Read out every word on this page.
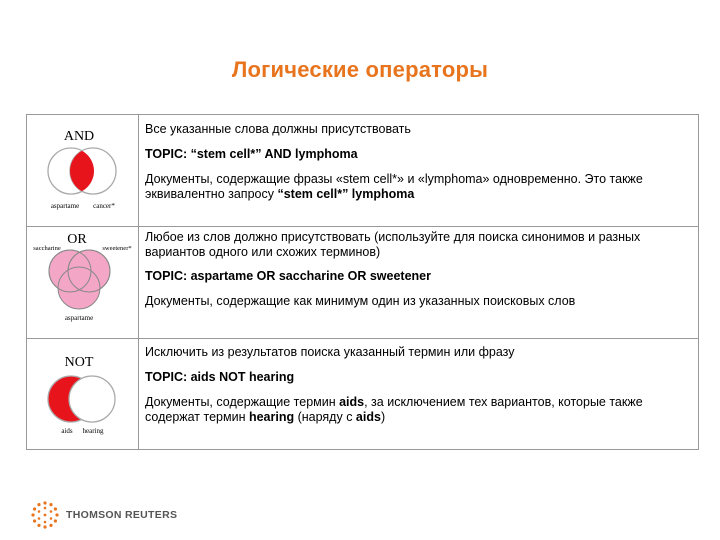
Логические операторы
AND
aspartame cancer*

Все указанные слова должны присутствовать

TOPIC: “stem cell*” AND lymphoma

Документы, содержащие фразы «stem cell*» и «lymphoma» одновременно. Это также эквивалентно запросу “stem cell*” lymphoma

OR
saccharine	sweetener*
aspartame

Любое из слов должно присутствовать (используйте для поиска синонимов и разных вариантов одного или схожих терминов)

TOPIC: aspartame OR saccharine OR sweetener

Документы, содержащие как минимум один из указанных поисковых слов

NOT
aids hearing

Исключить из результатов поиска указанный термин или фразу

TOPIC: aids NOT hearing

Документы, содержащие термин aids, за исключением тех вариантов, которые также содержат термин hearing (наряду с aids)

THOMSON REUTERS
